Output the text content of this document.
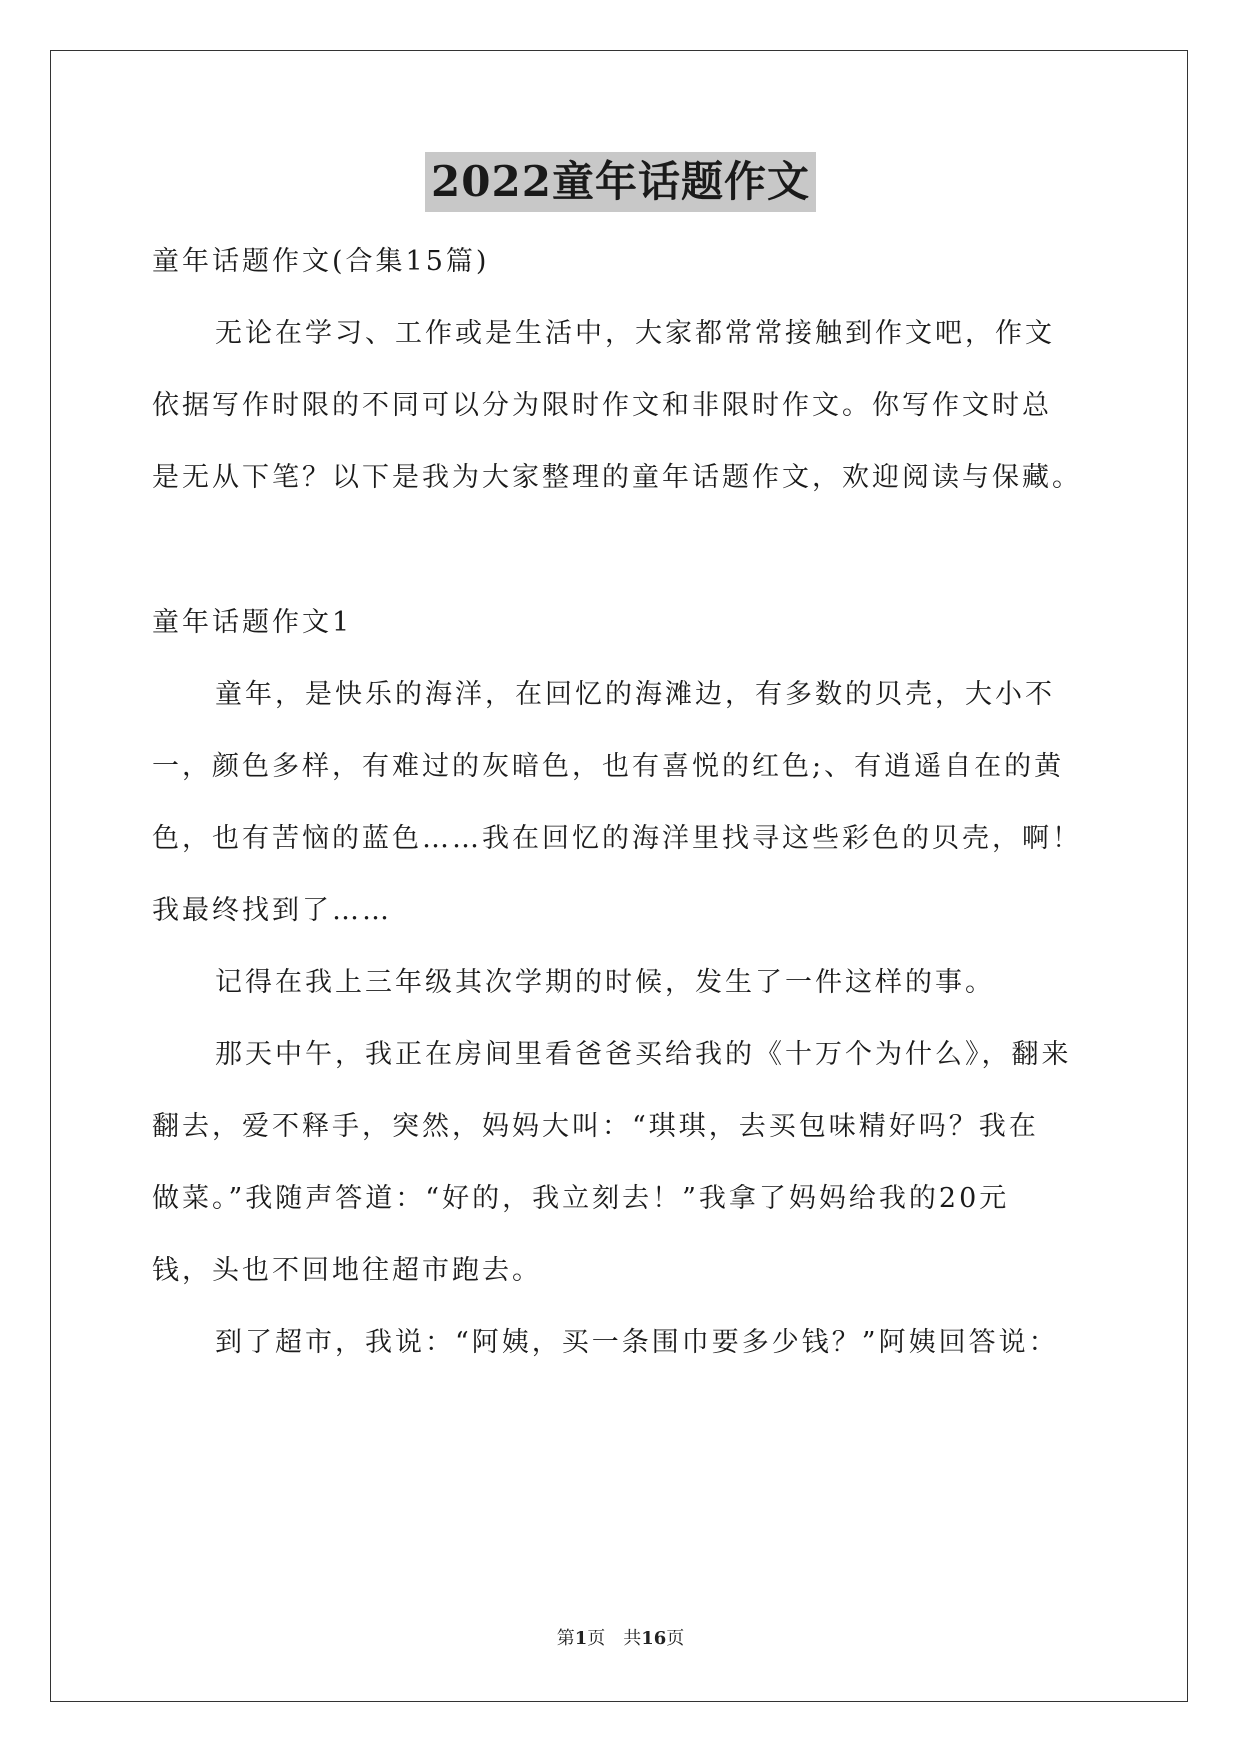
2022童年话题作文
童年话题作文(合集15篇)
无论在学习、工作或是生活中，大家都常常接触到作文吧，作文
依据写作时限的不同可以分为限时作文和非限时作文。你写作文时总
是无从下笔？以下是我为大家整理的童年话题作文，欢迎阅读与保藏。
童年话题作文1
童年，是快乐的海洋，在回忆的海滩边，有多数的贝壳，大小不
一，颜色多样，有难过的灰暗色，也有喜悦的红色;、有逍遥自在的黄
色，也有苦恼的蓝色……我在回忆的海洋里找寻这些彩色的贝壳，啊！
我最终找到了……
记得在我上三年级其次学期的时候，发生了一件这样的事。
那天中午，我正在房间里看爸爸买给我的《十万个为什么》，翻来
翻去，爱不释手，突然，妈妈大叫：“琪琪，去买包味精好吗？我在
做菜。”我随声答道：“好的，我立刻去！”我拿了妈妈给我的20元
钱，头也不回地往超市跑去。
到了超市，我说：“阿姨，买一条围巾要多少钱？”阿姨回答说：
第1页　共16页
